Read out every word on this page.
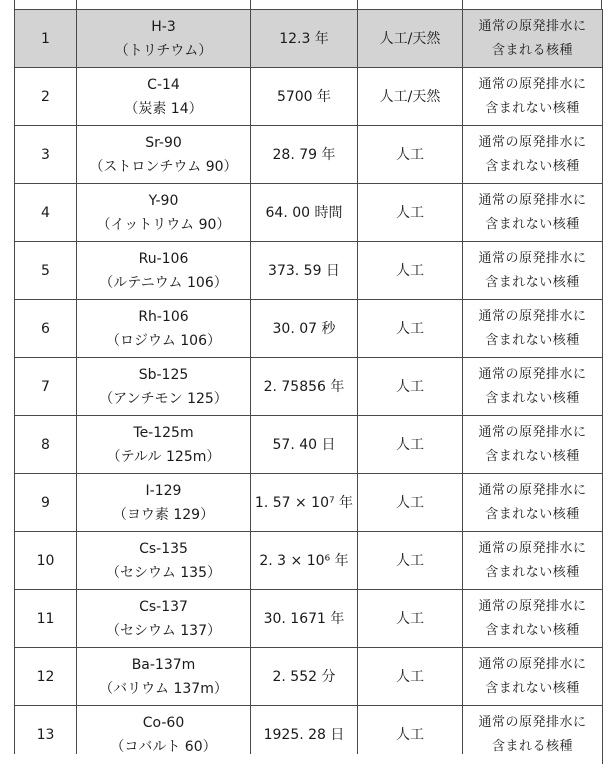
1	H-3
（トリチウム）	12.3 年	人工/天然	通常の原発排水に
含まれる核種

2	C-14
（炭素 14）	5700 年	人工/天然	通常の原発排水に
含まれない核種

3	Sr-90
（ストロンチウム 90）	28. 79 年	人工	通常の原発排水に
含まれない核種

4	Y-90
（イットリウム 90）	64. 00 時間	人工	通常の原発排水に
含まれない核種

5	Ru-106
（ルテニウム 106）	373. 59 日	人工	通常の原発排水に
含まれない核種

6	Rh-106
（ロジウム 106）	30. 07 秒	人工	通常の原発排水に
含まれない核種

7	Sb-125
（アンチモン 125）	2. 75856 年	人工	通常の原発排水に
含まれない核種

8	Te-125m
（テルル 125m）	57. 40 日	人工	通常の原発排水に
含まれない核種

9	I-129
（ヨウ素 129）	1. 57 × 10⁷ 年	人工	通常の原発排水に
含まれない核種

10	Cs-135
（セシウム 135）	2. 3 × 10⁶ 年	人工	通常の原発排水に
含まれない核種

11	Cs-137
（セシウム 137）	30. 1671 年	人工	通常の原発排水に
含まれない核種

12	Ba-137m
（バリウム 137m）	2. 552 分	人工	通常の原発排水に
含まれない核種

13	Co-60
（コバルト 60）	1925. 28 日	人工	通常の原発排水に
含まれる核種
